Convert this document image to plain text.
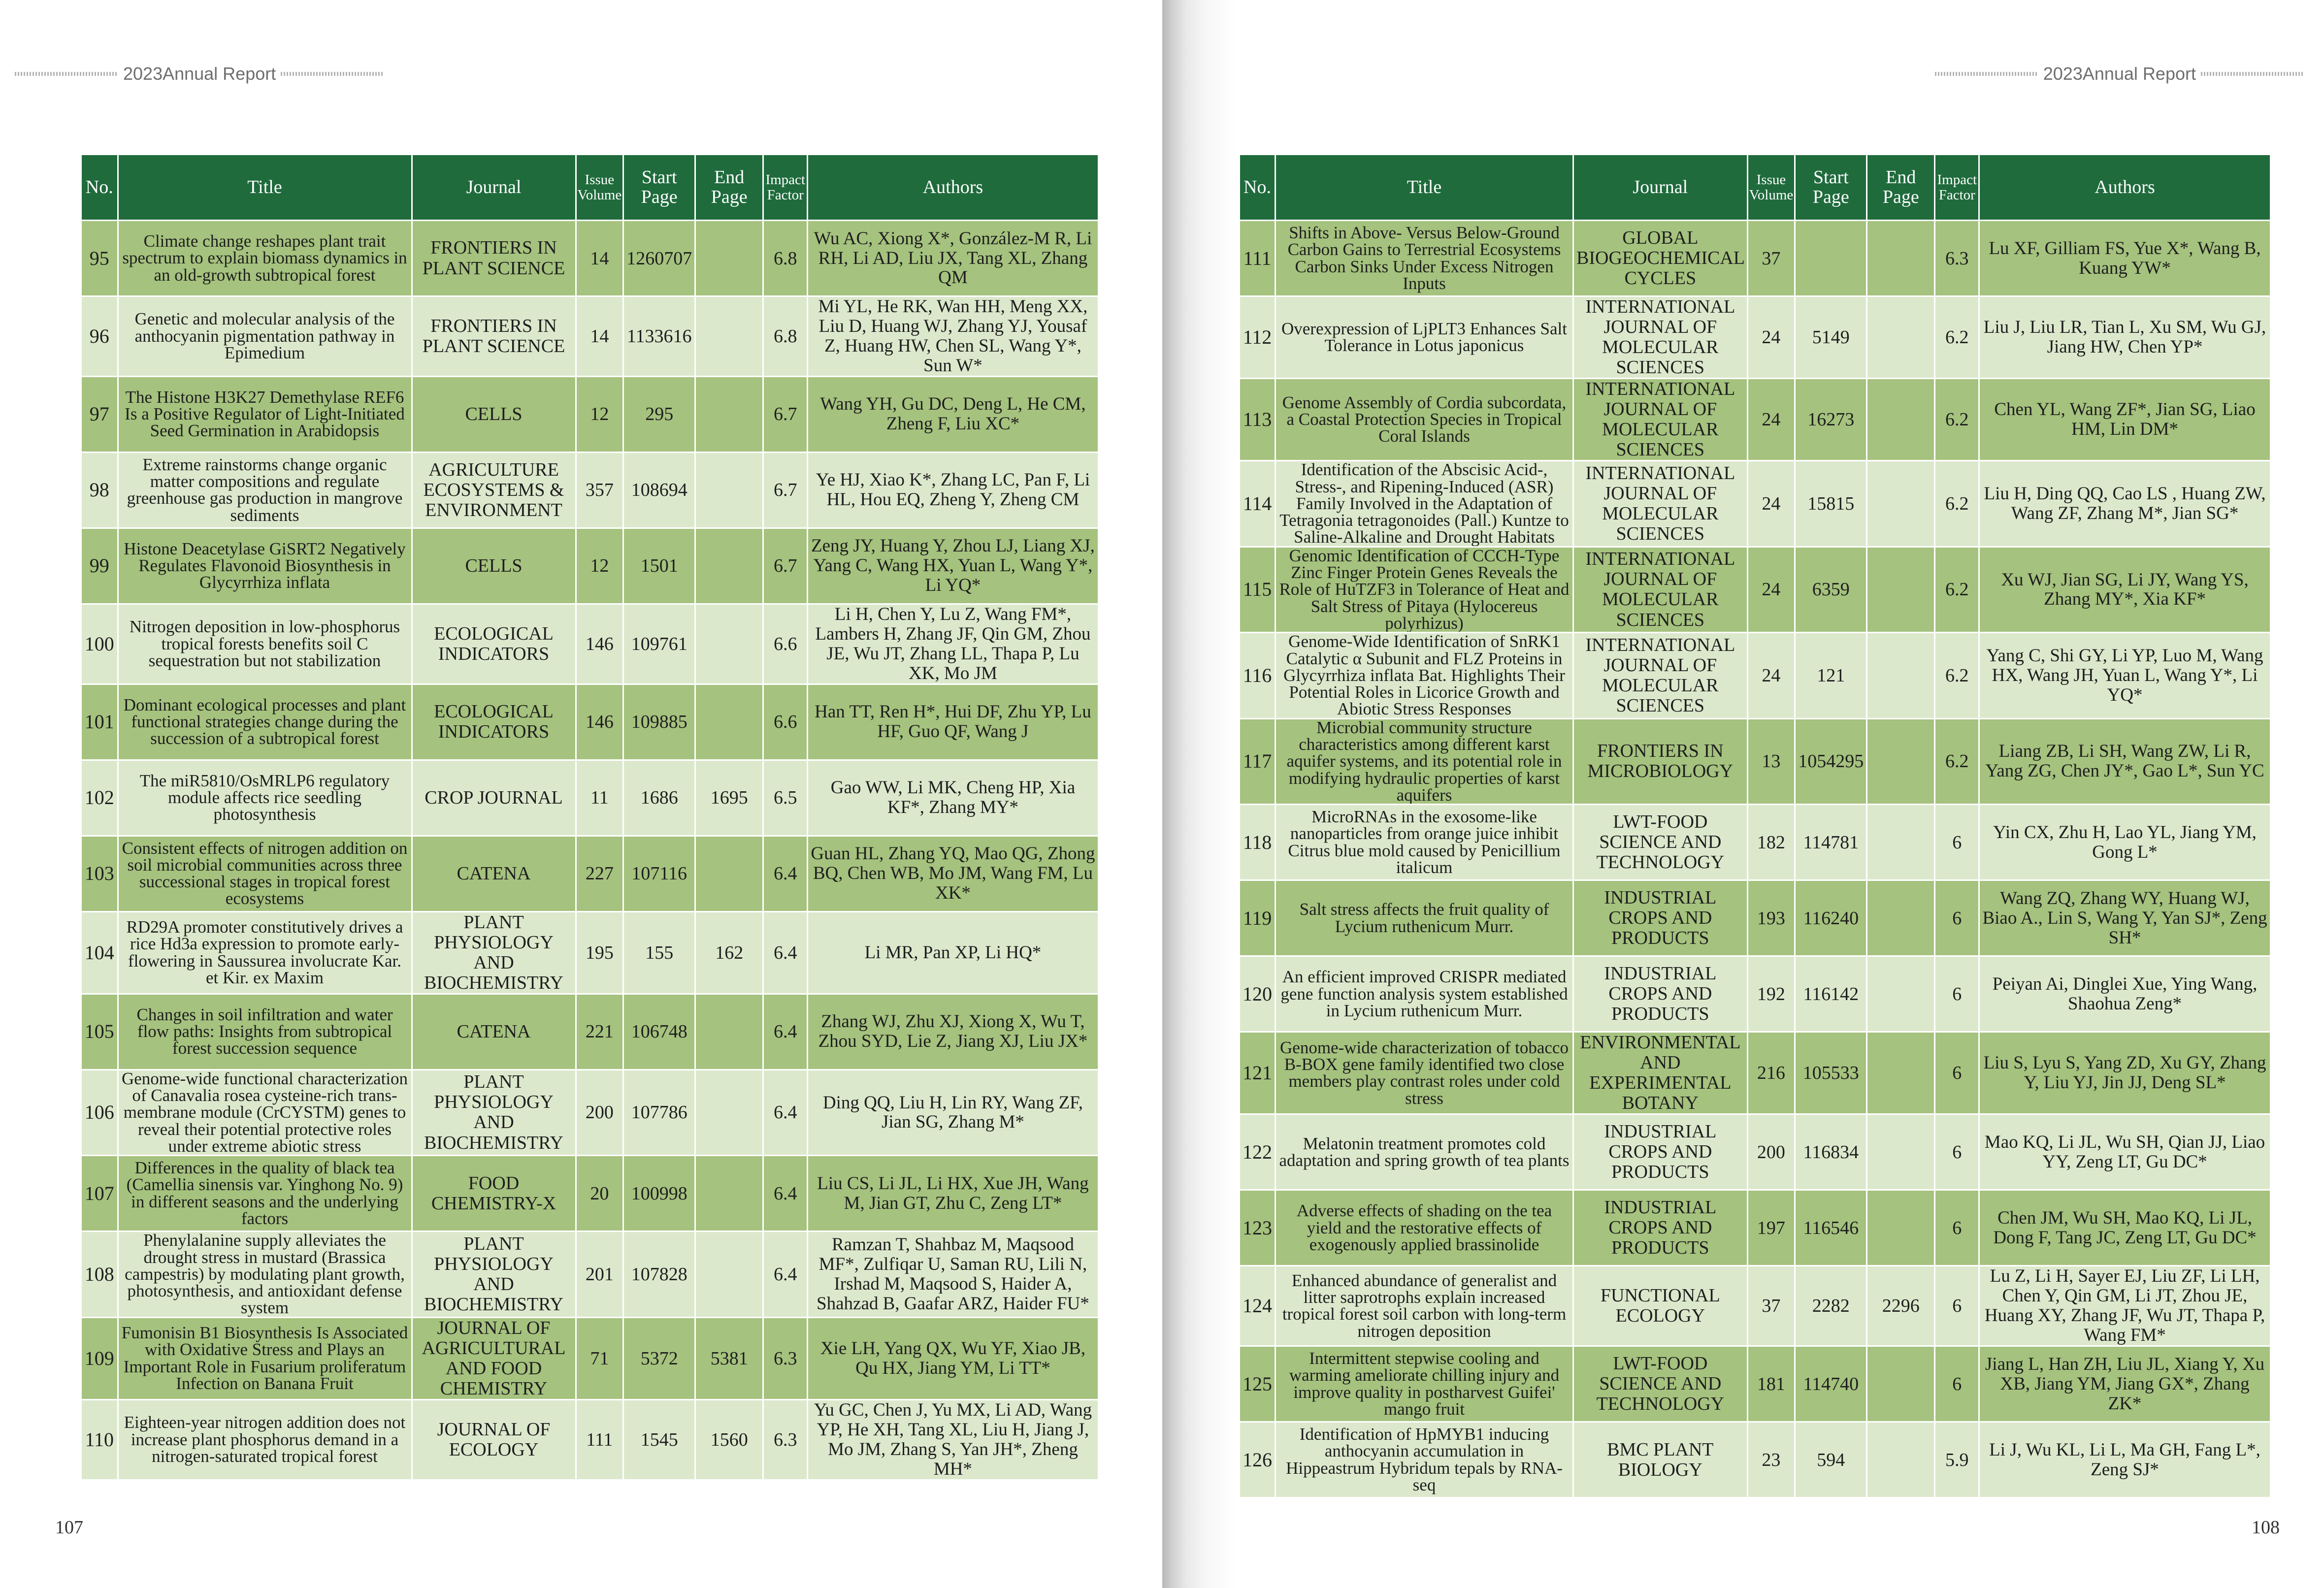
2023Annual Report
No.	Title	Journal	Issue Volume	Start Page	End Page	Impact Factor	Authors
95	Climate change reshapes plant trait spectrum to explain biomass dynamics in an old-growth subtropical forest	FRONTIERS IN PLANT SCIENCE	14	1260707		6.8	Wu AC, Xiong X*, González-M R, Li RH, Li AD, Liu JX, Tang XL, Zhang QM
96	Genetic and molecular analysis of the anthocyanin pigmentation pathway in Epimedium	FRONTIERS IN PLANT SCIENCE	14	1133616		6.8	Mi YL, He RK, Wan HH, Meng XX, Liu D, Huang WJ, Zhang YJ, Yousaf Z, Huang HW, Chen SL, Wang Y*, Sun W*
97	The Histone H3K27 Demethylase REF6 Is a Positive Regulator of Light-Initiated Seed Germination in Arabidopsis	CELLS	12	295		6.7	Wang YH, Gu DC, Deng L, He CM, Zheng F, Liu XC*
98	Extreme rainstorms change organic matter compositions and regulate greenhouse gas production in mangrove sediments	AGRICULTURE ECOSYSTEMS & ENVIRONMENT	357	108694		6.7	Ye HJ, Xiao K*, Zhang LC, Pan F, Li HL, Hou EQ, Zheng Y, Zheng CM
99	Histone Deacetylase GiSRT2 Negatively Regulates Flavonoid Biosynthesis in Glycyrrhiza inflata	CELLS	12	1501		6.7	Zeng JY, Huang Y, Zhou LJ, Liang XJ, Yang C, Wang HX, Yuan L, Wang Y*, Li YQ*
100	Nitrogen deposition in low-phosphorus tropical forests benefits soil C sequestration but not stabilization	ECOLOGICAL INDICATORS	146	109761		6.6	Li H, Chen Y, Lu Z, Wang FM*, Lambers H, Zhang JF, Qin GM, Zhou JE, Wu JT, Zhang LL, Thapa P, Lu XK, Mo JM
101	Dominant ecological processes and plant functional strategies change during the succession of a subtropical forest	ECOLOGICAL INDICATORS	146	109885		6.6	Han TT, Ren H*, Hui DF, Zhu YP, Lu HF, Guo QF, Wang J
102	The miR5810/OsMRLP6 regulatory module affects rice seedling photosynthesis	CROP JOURNAL	11	1686	1695	6.5	Gao WW, Li MK, Cheng HP, Xia KF*, Zhang MY*
103	Consistent effects of nitrogen addition on soil microbial communities across three successional stages in tropical forest ecosystems	CATENA	227	107116		6.4	Guan HL, Zhang YQ, Mao QG, Zhong BQ, Chen WB, Mo JM, Wang FM, Lu XK*
104	RD29A promoter constitutively drives a rice Hd3a expression to promote early-flowering in Saussurea involucrate Kar. et Kir. ex Maxim	PLANT PHYSIOLOGY AND BIOCHEMISTRY	195	155	162	6.4	Li MR, Pan XP, Li HQ*
105	Changes in soil infiltration and water flow paths: Insights from subtropical forest succession sequence	CATENA	221	106748		6.4	Zhang WJ, Zhu XJ, Xiong X, Wu T, Zhou SYD, Lie Z, Jiang XJ, Liu JX*
106	Genome-wide functional characterization of Canavalia rosea cysteine-rich trans-membrane module (CrCYSTM) genes to reveal their potential protective roles under extreme abiotic stress	PLANT PHYSIOLOGY AND BIOCHEMISTRY	200	107786		6.4	Ding QQ, Liu H, Lin RY, Wang ZF, Jian SG, Zhang M*
107	Differences in the quality of black tea (Camellia sinensis var. Yinghong No. 9) in different seasons and the underlying factors	FOOD CHEMISTRY-X	20	100998		6.4	Liu CS, Li JL, Li HX, Xue JH, Wang M, Jian GT, Zhu C, Zeng LT*
108	Phenylalanine supply alleviates the drought stress in mustard (Brassica campestris) by modulating plant growth, photosynthesis, and antioxidant defense system	PLANT PHYSIOLOGY AND BIOCHEMISTRY	201	107828		6.4	Ramzan T, Shahbaz M, Maqsood MF*, Zulfiqar U, Saman RU, Lili N, Irshad M, Maqsood S, Haider A, Shahzad B, Gaafar ARZ, Haider FU*
109	Fumonisin B1 Biosynthesis Is Associated with Oxidative Stress and Plays an Important Role in Fusarium proliferatum Infection on Banana Fruit	JOURNAL OF AGRICULTURAL AND FOOD CHEMISTRY	71	5372	5381	6.3	Xie LH, Yang QX, Wu YF, Xiao JB, Qu HX, Jiang YM, Li TT*
110	Eighteen-year nitrogen addition does not increase plant phosphorus demand in a nitrogen-saturated tropical forest	JOURNAL OF ECOLOGY	111	1545	1560	6.3	Yu GC, Chen J, Yu MX, Li AD, Wang YP, He XH, Tang XL, Liu H, Jiang J, Mo JM, Zhang S, Yan JH*, Zheng MH*
107
2023Annual Report
No.	Title	Journal	Issue Volume	Start Page	End Page	Impact Factor	Authors
111	Shifts in Above- Versus Below-Ground Carbon Gains to Terrestrial Ecosystems Carbon Sinks Under Excess Nitrogen Inputs	GLOBAL BIOGEOCHEMICAL CYCLES	37			6.3	Lu XF, Gilliam FS, Yue X*, Wang B, Kuang YW*
112	Overexpression of LjPLT3 Enhances Salt Tolerance in Lotus japonicus	INTERNATIONAL JOURNAL OF MOLECULAR SCIENCES	24	5149		6.2	Liu J, Liu LR, Tian L, Xu SM, Wu GJ, Jiang HW, Chen YP*
113	Genome Assembly of Cordia subcordata, a Coastal Protection Species in Tropical Coral Islands	INTERNATIONAL JOURNAL OF MOLECULAR SCIENCES	24	16273		6.2	Chen YL, Wang ZF*, Jian SG, Liao HM, Lin DM*
114	Identification of the Abscisic Acid-, Stress-, and Ripening-Induced (ASR) Family Involved in the Adaptation of Tetragonia tetragonoides (Pall.) Kuntze to Saline-Alkaline and Drought Habitats	INTERNATIONAL JOURNAL OF MOLECULAR SCIENCES	24	15815		6.2	Liu H, Ding QQ, Cao LS , Huang ZW, Wang ZF, Zhang M*, Jian SG*
115	Genomic Identification of CCCH-Type Zinc Finger Protein Genes Reveals the Role of HuTZF3 in Tolerance of Heat and Salt Stress of Pitaya (Hylocereus polyrhizus)	INTERNATIONAL JOURNAL OF MOLECULAR SCIENCES	24	6359		6.2	Xu WJ, Jian SG, Li JY, Wang YS, Zhang MY*, Xia KF*
116	Genome-Wide Identification of SnRK1 Catalytic α Subunit and FLZ Proteins in Glycyrrhiza inflata Bat. Highlights Their Potential Roles in Licorice Growth and Abiotic Stress Responses	INTERNATIONAL JOURNAL OF MOLECULAR SCIENCES	24	121		6.2	Yang C, Shi GY, Li YP, Luo M, Wang HX, Wang JH, Yuan L, Wang Y*, Li YQ*
117	Microbial community structure characteristics among different karst aquifer systems, and its potential role in modifying hydraulic properties of karst aquifers	FRONTIERS IN MICROBIOLOGY	13	1054295		6.2	Liang ZB, Li SH, Wang ZW, Li R, Yang ZG, Chen JY*, Gao L*, Sun YC
118	MicroRNAs in the exosome-like nanoparticles from orange juice inhibit Citrus blue mold caused by Penicillium italicum	LWT-FOOD SCIENCE AND TECHNOLOGY	182	114781		6	Yin CX, Zhu H, Lao YL, Jiang YM, Gong L*
119	Salt stress affects the fruit quality of Lycium ruthenicum Murr.	INDUSTRIAL CROPS AND PRODUCTS	193	116240		6	Wang ZQ, Zhang WY, Huang WJ, Biao A., Lin S, Wang Y, Yan SJ*, Zeng SH*
120	An efficient improved CRISPR mediated gene function analysis system established in Lycium ruthenicum Murr.	INDUSTRIAL CROPS AND PRODUCTS	192	116142		6	Peiyan Ai, Dinglei Xue, Ying Wang, Shaohua Zeng*
121	Genome-wide characterization of tobacco B-BOX gene family identified two close members play contrast roles under cold stress	ENVIRONMENTAL AND EXPERIMENTAL BOTANY	216	105533		6	Liu S, Lyu S, Yang ZD, Xu GY, Zhang Y, Liu YJ, Jin JJ, Deng SL*
122	Melatonin treatment promotes cold adaptation and spring growth of tea plants	INDUSTRIAL CROPS AND PRODUCTS	200	116834		6	Mao KQ, Li JL, Wu SH, Qian JJ, Liao YY, Zeng LT, Gu DC*
123	Adverse effects of shading on the tea yield and the restorative effects of exogenously applied brassinolide	INDUSTRIAL CROPS AND PRODUCTS	197	116546		6	Chen JM, Wu SH, Mao KQ, Li JL, Dong F, Tang JC, Zeng LT, Gu DC*
124	Enhanced abundance of generalist and litter saprotrophs explain increased tropical forest soil carbon with long-term nitrogen deposition	FUNCTIONAL ECOLOGY	37	2282	2296	6	Lu Z, Li H, Sayer EJ, Liu ZF, Li LH, Chen Y, Qin GM, Li JT, Zhou JE, Huang XY, Zhang JF, Wu JT, Thapa P, Wang FM*
125	Intermittent stepwise cooling and warming ameliorate chilling injury and improve quality in postharvest Guifei' mango fruit	LWT-FOOD SCIENCE AND TECHNOLOGY	181	114740		6	Jiang L, Han ZH, Liu JL, Xiang Y, Xu XB, Jiang YM, Jiang GX*, Zhang ZK*
126	Identification of HpMYB1 inducing anthocyanin accumulation in Hippeastrum Hybridum tepals by RNA-seq	BMC PLANT BIOLOGY	23	594		5.9	Li J, Wu KL, Li L, Ma GH, Fang L*, Zeng SJ*
108
